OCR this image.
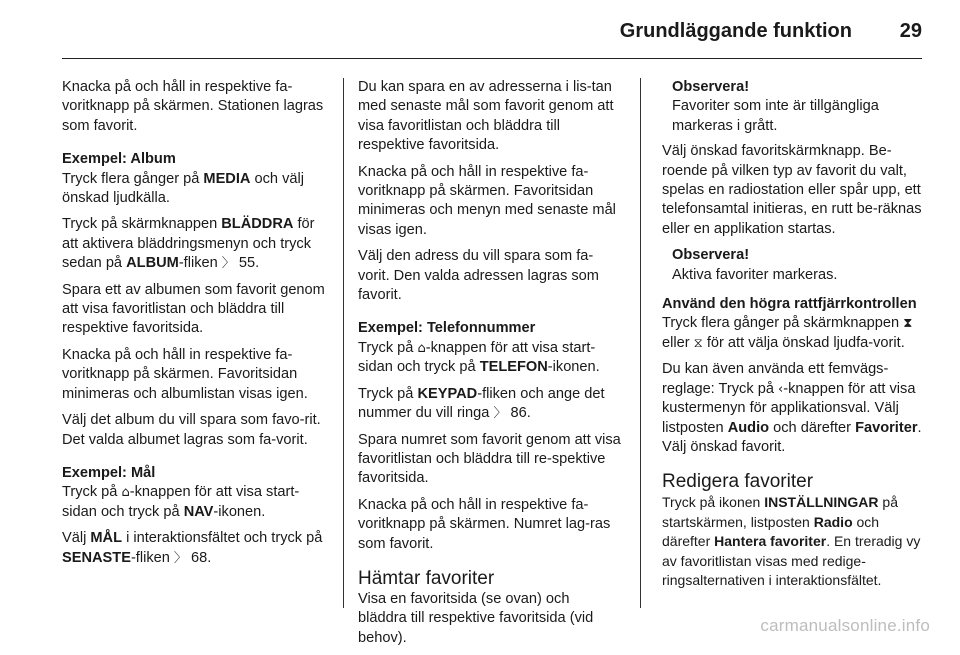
Grundläggande funktion 29

Knacka på och håll in respektive fa-voritknapp på skärmen. Stationen lagras som favorit.

Exempel: Album

Tryck flera gånger på MEDIA och välj önskad ljudkälla.

Tryck på skärmknappen BLÄDDRA för att aktivera bläddringsmenyn och tryck sedan på ALBUM-fliken 〉 55.

Spara ett av albumen som favorit genom att visa favoritlistan och bläddra till respektive favoritsida.

Knacka på och håll in respektive fa-voritknapp på skärmen. Favoritsidan minimeras och albumlistan visas igen.

Välj det album du vill spara som favo-rit. Det valda albumet lagras som fa-vorit.

Exempel: Mål

Tryck på ⌂-knappen för att visa start-sidan och tryck på NAV-ikonen.

Välj MÅL i interaktionsfältet och tryck på SENASTE-fliken 〉 68.

Du kan spara en av adresserna i lis-tan med senaste mål som favorit genom att visa favoritlistan och bläddra till respektive favoritsida.

Knacka på och håll in respektive fa-voritknapp på skärmen. Favoritsidan minimeras och menyn med senaste mål visas igen.

Välj den adress du vill spara som fa-vorit. Den valda adressen lagras som favorit.

Exempel: Telefonnummer

Tryck på ⌂-knappen för att visa start-sidan och tryck på TELEFON-ikonen.

Tryck på KEYPAD-fliken och ange det nummer du vill ringa 〉 86.

Spara numret som favorit genom att visa favoritlistan och bläddra till re-spektive favoritsida.

Knacka på och håll in respektive fa-voritknapp på skärmen. Numret lag-ras som favorit.

Hämtar favoriter

Visa en favoritsida (se ovan) och bläddra till respektive favoritsida (vid behov).

Observera!
Favoriter som inte är tillgängliga markeras i grått.

Välj önskad favoritskärmknapp. Be-roende på vilken typ av favorit du valt, spelas en radiostation eller spår upp, ett telefonsamtal initieras, en rutt be-räknas eller en applikation startas.

Observera!
Aktiva favoriter markeras.
Använd den högra rattfjärrkontrollen

Tryck flera gånger på skärmknappen ⧗ eller ⧖ för att välja önskad ljudfa-vorit.

Du kan även använda ett femvägs-reglage: Tryck på ‹-knappen för att visa kustermenyn för applikationsval. Välj listposten Audio och därefter Favoriter. Välj önskad favorit.

Redigera favoriter

Tryck på ikonen INSTÄLLNINGAR på startskärmen, listposten Radio och därefter Hantera favoriter. En treradig vy av favoritlistan visas med redige-ringsalternativen i interaktionsfältet.

carmanualsonline.info
